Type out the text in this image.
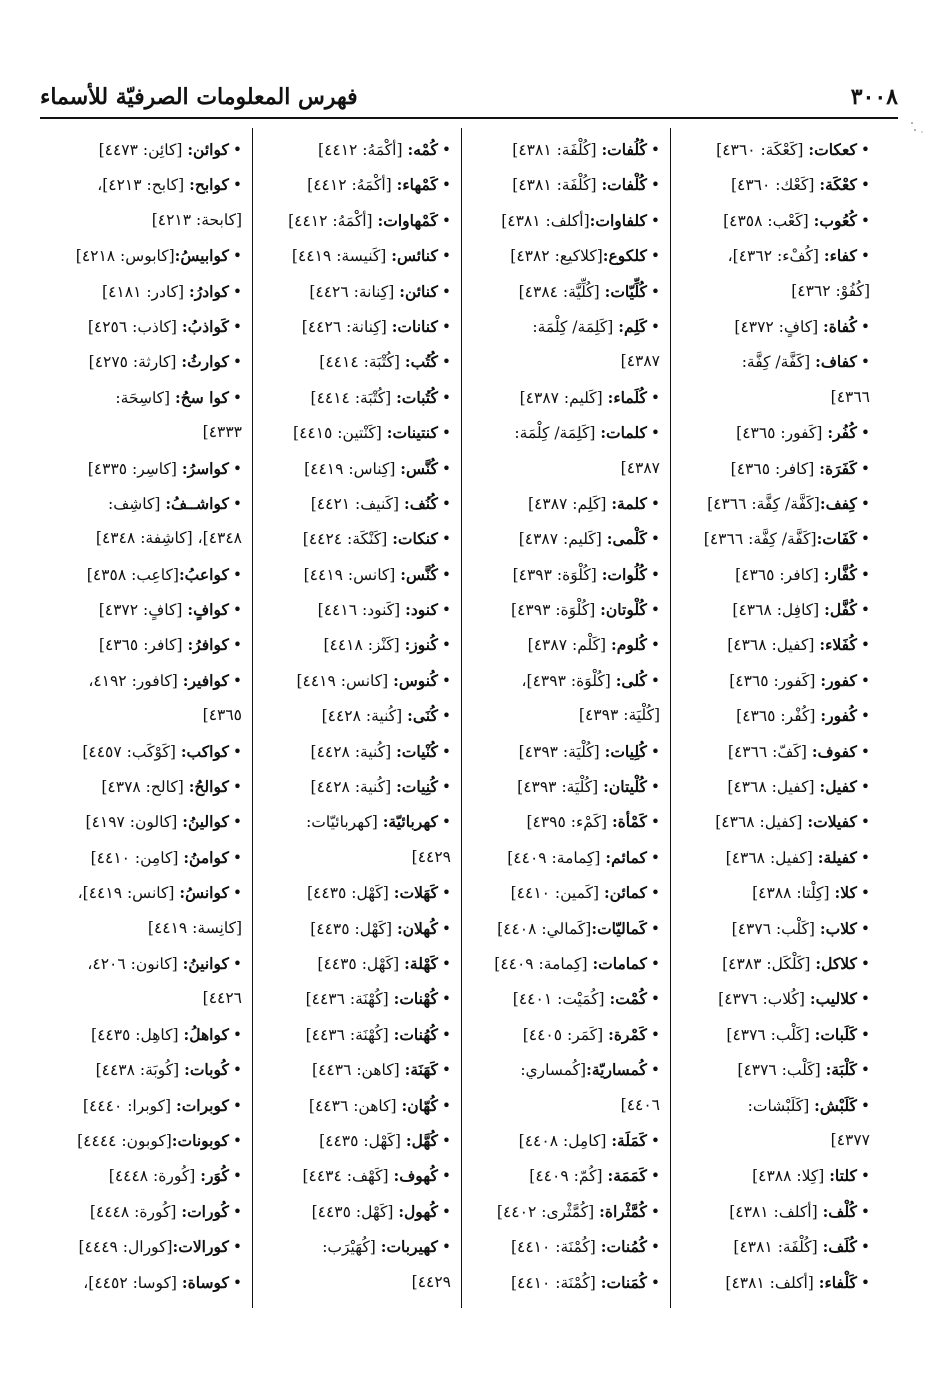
٣٠٠٨
فهرس المعلومات الصرفيّة للأسماء
•كعكات: [كَعْكَة: ٤٣٦٠]
•كعْكَة: [كَعْك: ٤٣٦٠]
•كُعُوب: [كَعْب: ٤٣٥٨]
•كفاء: [كُفْء: ٤٣٦٢]،
[كُفُوْ: ٤٣٦٢]
•كُفاة: [كافٍ: ٤٣٧٢]
•كفاف: [كَفَّة/ كِفَّة:
٤٣٦٦]
•كُفُر: [كَفور: ٤٣٦٥]
•كَفَرَة: [كافر: ٤٣٦٥]
•كِفف:[كَفَّة/ كِفَّة: ٤٣٦٦]
•كَفَات:[كَفَّة/ كِفَّة: ٤٣٦٦]
•كُفَّار: [كافر: ٤٣٦٥]
•كُفَّل: [كافِل: ٤٣٦٨]
•كُفَلاء: [كفيل: ٤٣٦٨]
•كفور: [كَفور: ٤٣٦٥]
•كُفور: [كُفْر: ٤٣٦٥]
•كفوف: [كَفّ: ٤٣٦٦]
•كفيل: [كفيل: ٤٣٦٨]
•كفيلات: [كفيل: ٤٣٦٨]
•كفيلة: [كفيل: ٤٣٦٨]
•كلا: [كِلْتا: ٤٣٨٨]
•كلاب: [كَلْب: ٤٣٧٦]
•كلاكل: [كَلْكَل: ٤٣٨٣]
•كلاليب: [كُلاب: ٤٣٧٦]
•كَلَبات: [كَلْب: ٤٣٧٦]
•كَلْبَة: [كَلْب: ٤٣٧٦]
•كَلَبْش: [كَلَبْشات:
٤٣٧٧]
•كلتا: [كِلا: ٤٣٨٨]
•كُلْف: [أكلف: ٤٣٨١]
•كُلَف: [كُلْفَة: ٤٣٨١]
•كَلْفاء: [أكلف: ٤٣٨١]
•كُلُفات: [كُلْفَة: ٤٣٨١]
•كُلْفات: [كُلْفَة: ٤٣٨١]
•كلفاوات:[أكلف: ٤٣٨١]
•كلكوع:[كلاكيع: ٤٣٨٢]
•كُلِّيّات: [كُلِّيَّة: ٤٣٨٤]
•كَلِم: [كَلِمَة/ كِلْمَة:
٤٣٨٧]
•كُلَماء: [كَليم: ٤٣٨٧]
•كلمات: [كَلِمَة/ كِلْمَة:
٤٣٨٧]
•كلمة: [كَلِم: ٤٣٨٧]
•كَلْمى: [كَليم: ٤٣٨٧]
•كُلُوات: [كُلْوَة: ٤٣٩٣]
•كُلْوتان: [كُلْوَة: ٤٣٩٣]
•كُلوم: [كَلْم: ٤٣٨٧]
•كُلى: [كُلْوَة: ٤٣٩٣]،
[كُلْيَة: ٤٣٩٣]
•كُلِيات: [كُلْيَة: ٤٣٩٣]
•كُلْيتان: [كُلْيَة: ٤٣٩٣]
•كَمْأة: [كَمْء: ٤٣٩٥]
•كمائم: [كِمامة: ٤٤٠٩]
•كمائن: [كَمين: ٤٤١٠]
•كَماليّات:[كَمالي: ٤٤٠٨]
•كمامات: [كِمامة: ٤٤٠٩]
•كُمْت: [كُمَيْت: ٤٤٠١]
•كَمْرة: [كَمَر: ٤٤٠٥]
•كُمساريّة:[كُمساري:
٤٤٠٦]
•كَمَلَة: [كامِل: ٤٤٠٨]
•كَمَمَة: [كُمّ: ٤٤٠٩]
•كُمَّثْراة: [كُمَّثْرى: ٤٤٠٢]
•كُمُنات: [كُمْنَة: ٤٤١٠]
•كُمَنات: [كُمْنَة: ٤٤١٠]
•كُمْه: [أكْمَهُ: ٤٤١٢]
•كَمْهاء: [أكْمَهُ: ٤٤١٢]
•كَمْهاوات: [أكْمَهُ: ٤٤١٢]
•كنائس: [كَنيسة: ٤٤١٩]
•كنائن: [كِنانة: ٤٤٢٦]
•كنانات: [كِنانة: ٤٤٢٦]
•كُتُب: [كُتْبَة: ٤٤١٤]
•كُتُبات: [كُتْبَة: ٤٤١٤]
•كنتينات: [كَنْتين: ٤٤١٥]
•كُنَّس: [كِناس: ٤٤١٩]
•كُنُف: [كَنيف: ٤٤٢١]
•كنكات: [كَنْكَة: ٤٤٢٤]
•كُنَّس: [كانس: ٤٤١٩]
•كنود: [كَنود: ٤٤١٦]
•كُنوز: [كَنْز: ٤٤١٨]
•كُنوس: [كانس: ٤٤١٩]
•كُنَى: [كُنية: ٤٤٢٨]
•كُنْيات: [كُنية: ٤٤٢٨]
•كُنِيات: [كُنية: ٤٤٢٨]
•كهربائيّة: [كهربائيّات:
٤٤٢٩]
•كَهَلات: [كَهْل: ٤٤٣٥]
•كُهلان: [كَهْل: ٤٤٣٥]
•كَهْلة: [كَهْل: ٤٤٣٥]
•كُهْنات: [كُهْنَة: ٤٤٣٦]
•كُهُنات: [كُهْنَة: ٤٤٣٦]
•كَهَنَة: [كاهن: ٤٤٣٦]
•كُهّان: [كاهن: ٤٤٣٦]
•كُهَّل: [كَهْل: ٤٤٣٥]
•كُهوف: [كَهْف: ٤٤٣٤]
•كُهول: [كَهْل: ٤٤٣٥]
•كهيربات: [كُهَيْرَب:
٤٤٢٩]
•كوائن: [كائِن: ٤٤٧٣]
•كوابح: [كابح: ٤٢١٣]،
[كابحة: ٤٢١٣]
•كوابيسُ:[كابوس: ٤٢١٨]
•كوادرُ: [كادر: ٤١٨١]
•كَواذبُ: [كاذب: ٤٢٥٦]
•كوارثُ: [كارثة: ٤٢٧٥]
•كوا سحُ: [كاسِحَة:
٤٣٣٣]
•كواسرُ: [كاسِر: ٤٣٣٥]
•كواشــفُ: [كاشِف:
٤٣٤٨]، [كاشِفة: ٤٣٤٨]
•كواعبُ:[كاعِب: ٤٣٥٨]
•كوافٍ: [كافٍ: ٤٣٧٢]
•كوافرُ: [كافر: ٤٣٦٥]
•كوافير: [كافور: ٤١٩٢،
٤٣٦٥]
•كواكب: [كَوْكَب: ٤٤٥٧]
•كوالحُ: [كالح: ٤٣٧٨]
•كوالينُ: [كالون: ٤١٩٧]
•كوامنُ: [كامِن: ٤٤١٠]
•كوانسُ: [كانس: ٤٤١٩]،
[كانِسة: ٤٤١٩]
•كوانينُ: [كانون: ٤٢٠٦،
٤٤٢٦]
•كواهلُ: [كاهِل: ٤٤٣٥]
•كُوبات: [كُوبَة: ٤٤٣٨]
•كوبرات: [كوبرا: ٤٤٤٠]
•كوبونات:[كوبون: ٤٤٤٤]
•كُوَر: [كُورة: ٤٤٤٨]
•كُورات: [كُورة: ٤٤٤٨]
•كورالات:[كورال: ٤٤٤٩]
•كوساة: [كوسا: ٤٤٥٢]،
